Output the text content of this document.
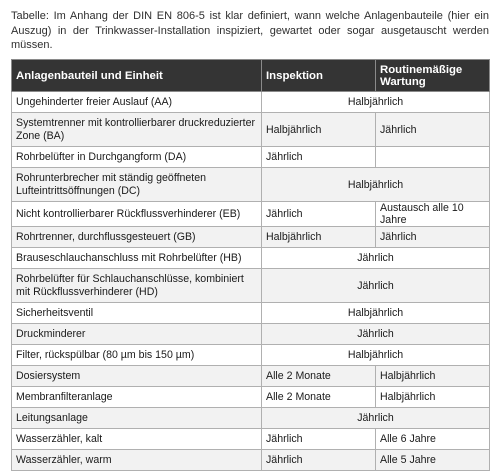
Tabelle: Im Anhang der DIN EN 806-5 ist klar definiert, wann welche Anlagenbauteile (hier ein Auszug) in der Trinkwasser-Installation inspiziert, gewartet oder sogar ausgetauscht werden müssen.
Anlagenbauteil und Einheit	Inspektion	Routinemäßige Wartung
Ungehinderter freier Auslauf (AA)	Halbjährlich	
Systemtrenner mit kontrollierbarer druckreduzierter Zone (BA)	Halbjährlich	Jährlich
Rohrbelüfter in Durchgangform (DA)	Jährlich	
Rohrunterbrecher mit ständig geöffneten Lufteintrittsöffnungen (DC)	Halbjährlich	
Nicht kontrollierbarer Rückflussverhinderer (EB)	Jährlich	Austausch alle 10 Jahre
Rohrtrenner, durchflussgesteuert (GB)	Halbjährlich	Jährlich
Brauseschlauchanschluss mit Rohrbelüfter (HB)	Jährlich	
Rohrbelüfter für Schlauchanschlüsse, kombiniert mit Rückflussverhinderer (HD)	Jährlich	
Sicherheitsventil	Halbjährlich	
Druckminderer	Jährlich	
Filter, rückspülbar (80 µm bis 150 µm)	Halbjährlich	
Dosiersystem	Alle 2 Monate	Halbjährlich
Membranfilteranlage	Alle 2 Monate	Halbjährlich
Leitungsanlage	Jährlich	
Wasserzähler, kalt	Jährlich	Alle 6 Jahre
Wasserzähler, warm	Jährlich	Alle 5 Jahre
